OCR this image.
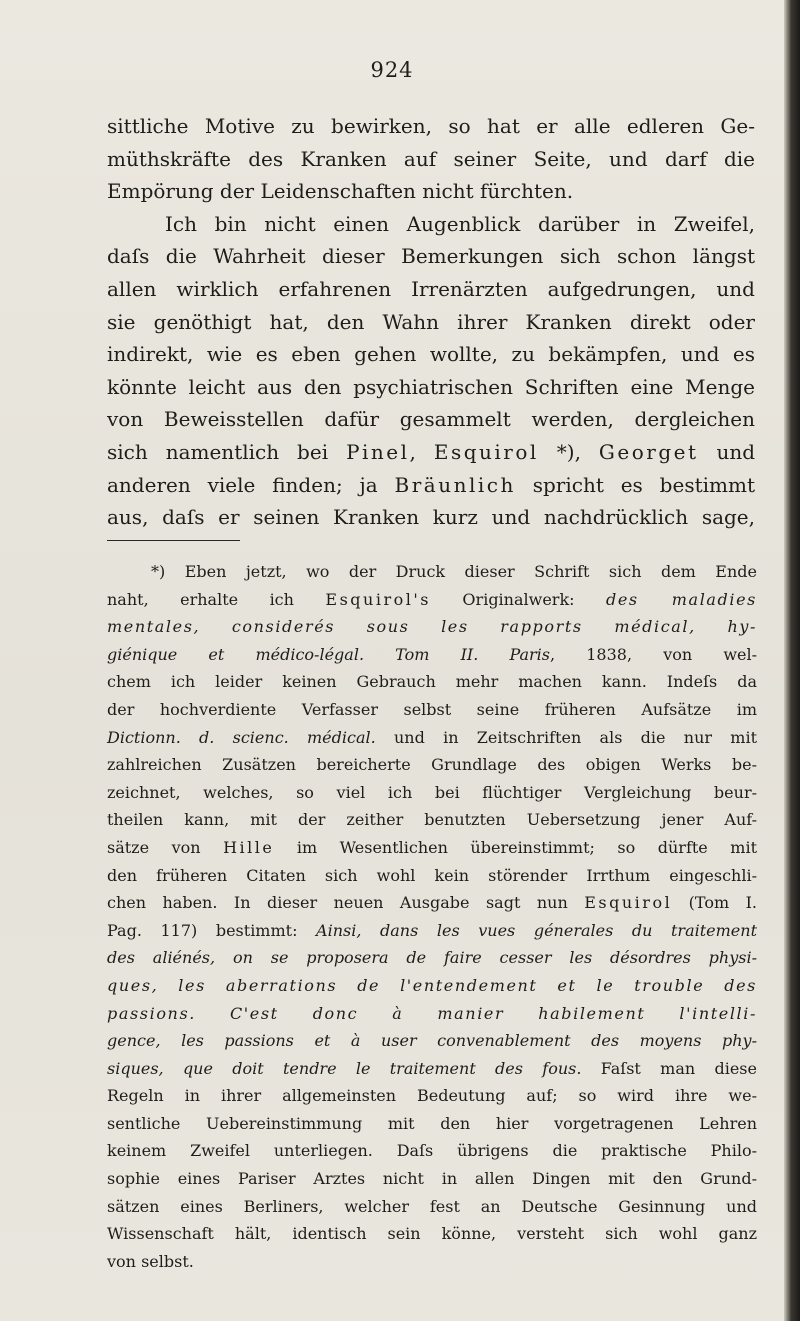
924
sittliche Motive zu bewirken, so hat er alle edleren Ge-
müthskräfte des Kranken auf seiner Seite, und darf die
Empörung der Leidenschaften nicht fürchten.
Ich bin nicht einen Augenblick darüber in Zweifel,
daſs die Wahrheit dieser Bemerkungen sich schon längst
allen wirklich erfahrenen Irrenärzten aufgedrungen, und
sie genöthigt hat, den Wahn ihrer Kranken direkt oder
indirekt, wie es eben gehen wollte, zu bekämpfen, und es
könnte leicht aus den psychiatrischen Schriften eine Menge
von Beweisstellen dafür gesammelt werden, dergleichen
sich namentlich bei Pinel, Esquirol *), Georget und
anderen viele finden; ja Bräunlich spricht es bestimmt
aus, daſs er seinen Kranken kurz und nachdrücklich sage,
*) Eben jetzt, wo der Druck dieser Schrift sich dem Ende
naht, erhalte ich Esquirol's Originalwerk: des maladies
mentales, considerés sous les rapports médical, hy-
giénique et médico-légal. Tom II. Paris, 1838, von wel-
chem ich leider keinen Gebrauch mehr machen kann. Indeſs da
der hochverdiente Verfasser selbst seine früheren Aufsätze im
Dictionn. d. scienc. médical. und in Zeitschriften als die nur mit
zahlreichen Zusätzen bereicherte Grundlage des obigen Werks be-
zeichnet, welches, so viel ich bei flüchtiger Vergleichung beur-
theilen kann, mit der zeither benutzten Uebersetzung jener Auf-
sätze von Hille im Wesentlichen übereinstimmt; so dürfte mit
den früheren Citaten sich wohl kein störender Irrthum eingeschli-
chen haben. In dieser neuen Ausgabe sagt nun Esquirol (Tom I.
Pag. 117) bestimmt: Ainsi, dans les vues génerales du traitement
des aliénés, on se proposera de faire cesser les désordres physi-
ques, les aberrations de l'entendement et le trouble des
passions. C'est donc à manier habilement l'intelli-
gence, les passions et à user convenablement des moyens phy-
siques, que doit tendre le traitement des fous. Faſst man diese
Regeln in ihrer allgemeinsten Bedeutung auf; so wird ihre we-
sentliche Uebereinstimmung mit den hier vorgetragenen Lehren
keinem Zweifel unterliegen. Daſs übrigens die praktische Philo-
sophie eines Pariser Arztes nicht in allen Dingen mit den Grund-
sätzen eines Berliners, welcher fest an Deutsche Gesinnung und
Wissenschaft hält, identisch sein könne, versteht sich wohl ganz
von selbst.
